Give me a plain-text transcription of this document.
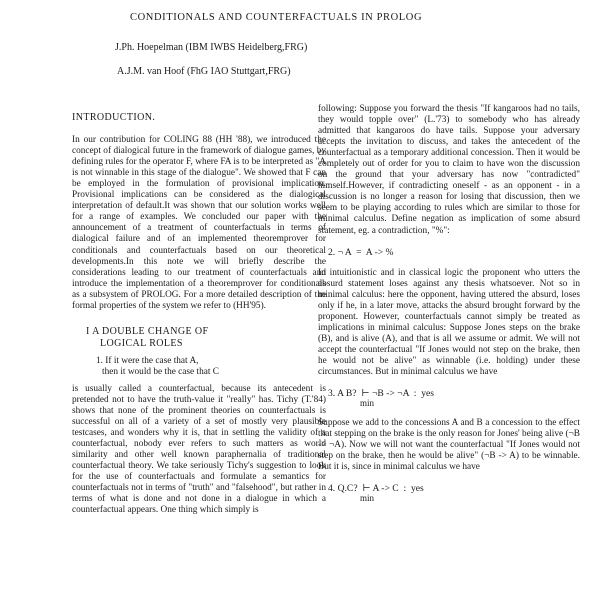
CONDITIONALS AND COUNTERFACTUALS IN PROLOG
J.Ph. Hoepelman (IBM IWBS Heidelberg,FRG)
A.J.M. van Hoof (FhG IAO Stuttgart,FRG)
INTRODUCTION.

In our contribution for COLING 88 (HH '88), we introduced the concept of dialogical future in the framework of dialogue games, by defining rules for the operator F, where FA is to be interpreted as "A is not winnable in this stage of the dialogue". We showed that F can be employed in the formulation of provisional implication. Provisional implications can be considered as the dialogical interpretation of default.It was shown that our solution works well for a range of examples. We concluded our paper with the announcement of a treatment of counterfactuals in terms of dialogical failure and of an implemented theoremprover for conditionals and counterfactuals based on our theoretical developments.In this note we will briefly describe the considerations leading to our treatment of counterfactuals and introduce the implementation of a theoremprover for conditionals as a subsystem of PROLOG. For a more detailed description of the formal properties of the system we refer to (HH'95).

I A DOUBLE CHANGE OF
LOGICAL ROLES
1. If it were the case that A,
then it would be the case that C

is usually called a counterfactual, because its antecedent is pretended not to have the truth-value it "really" has. Tichy (T.'84) shows that none of the prominent theories on counterfactuals is successful on all of a variety of a set of mostly very plausible testcases, and wonders why it is, that in settling the validity of a counterfactual, nobody ever refers to such matters as world similarity and other well known paraphernalia of traditional counterfactual theory. We take seriously Tichy's suggestion to look for the use of counterfactuals and formulate a semantics for counterfactuals not in terms of "truth" and "falsehood", but rather in terms of what is done and not done in a dialogue in which a counterfactual appears. One thing which simply is

following: Suppose you forward the thesis "If kangaroos had no tails, they would topple over" (L.'73) to somebody who has already admitted that kangaroos do have tails. Suppose your adversary accepts the invitation to discuss, and takes the antecedent of the counterfactual as a temporary additional concession. Then it would be completely out of order for you to claim to have won the discussion on the ground that your adversary has now "contradicted" himself.However, if contradicting oneself - as an opponent - in a discussion is no longer a reason for losing that discussion, then we seem to be playing according to rules which are similar to those for minimal calculus. Define negation as implication of some absurd statement, eg. a contradiction, "%":

2. ¬ A  =  A -> %

In intuitionistic and in classical logic the proponent who utters the absurd statement loses against any thesis whatsoever. Not so in minimal calculus: here the opponent, having uttered the absurd, loses only if he, in a later move, attacks the absurd brought forward by the proponent. However, counterfactuals cannot simply be treated as implications in minimal calculus: Suppose Jones steps on the brake (B), and is alive (A), and that is all we assume or admit. We will not accept the counterfactual "If Jones would not step on the brake, then he would not be alive" as winnable (i.e. holding) under these circumstances. But in minimal calculus we have

3. A B?  ⊢ ¬B -> ¬A  :  yes
min

Suppose we add to the concessions A and B a concession to the effect that stepping on the brake is the only reason for Jones' being alive (¬B -> ¬A). Now we will not want the counterfactual "If Jones would not step on the brake, then he would be alive" (¬B -> A) to be winnable. But it is, since in minimal calculus we have

4. Q.C?  ⊢ A -> C  :  yes
min
